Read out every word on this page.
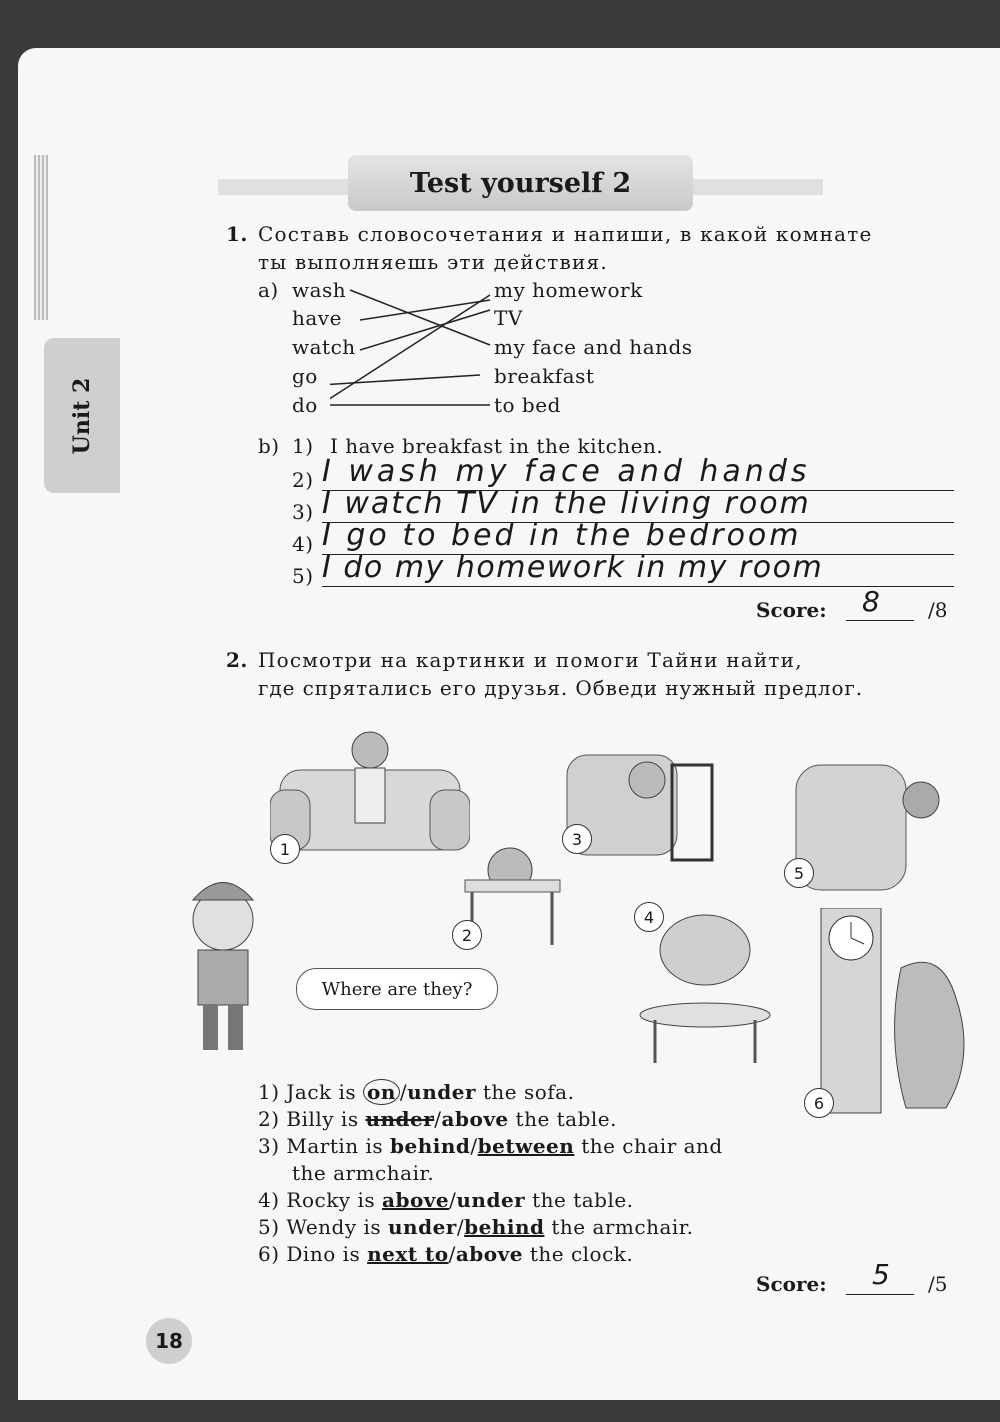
Test yourself 2
Unit 2
1. Составь словосочетания и напиши, в какой комнате
ты выполняешь эти действия.
a) wash
have
watch
go
do
my homework
TV
my face and hands
breakfast
to bed
b) 1) I have breakfast in the kitchen.
2) I wash my face and hands
3) I watch TV in the living room
4) I go to bed in the bedroom
5) I do my homework in my room
Score: 8 /8
2. Посмотри на картинки и помоги Тайни найти,
где спрятались его друзья. Обведи нужный предлог.
1
2
3
4
5
6
Where are they?
1) Jack is on /under the sofa.
2) Billy is under/above the table.
3) Martin is behind/between the chair and
the armchair.
4) Rocky is above/under the table.
5) Wendy is under/behind the armchair.
6) Dino is next to/above the clock.
Score: 5 /5
18
